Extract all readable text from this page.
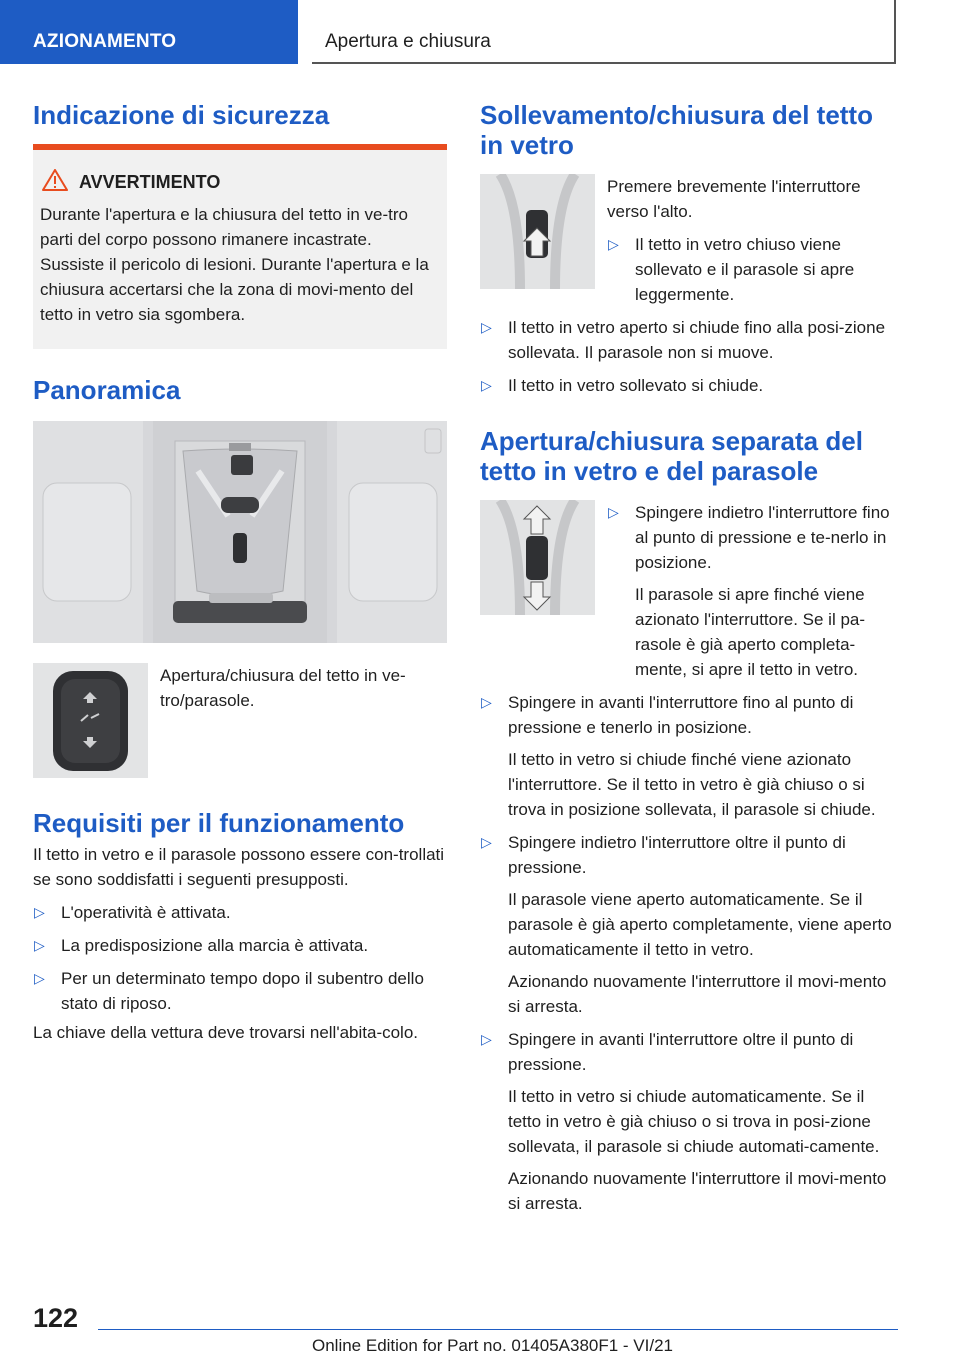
AZIONAMENTO	Apertura e chiusura
Indicazione di sicurezza
AVVERTIMENTO
Durante l'apertura e la chiusura del tetto in ve-tro parti del corpo possono rimanere incastrate. Sussiste il pericolo di lesioni. Durante l'apertura e la chiusura accertarsi che la zona di movi-mento del tetto in vetro sia sgombera.
Panoramica
Apertura/chiusura del tetto in ve-tro/parasole.
Requisiti per il funzionamento

Il tetto in vetro e il parasole possono essere con-trollati se sono soddisfatti i seguenti presupposti.

▷ L'operatività è attivata.
▷ La predisposizione alla marcia è attivata.
▷ Per un determinato tempo dopo il subentro dello stato di riposo.

La chiave della vettura deve trovarsi nell'abita-colo.

Sollevamento/chiusura del tetto in vetro

Premere brevemente l'interruttore verso l'alto.

▷ Il tetto in vetro chiuso viene sollevato e il parasole si apre leggermente.
▷ Il tetto in vetro aperto si chiude fino alla posi-zione sollevata. Il parasole non si muove.
▷ Il tetto in vetro sollevato si chiude.
Apertura/chiusura separata del tetto in vetro e del parasole
▷ Spingere indietro l'interruttore fino al punto di pressione e te-nerlo in posizione.

Il parasole si apre finché viene azionato l'interruttore. Se il pa-rasole è già aperto completa-mente, si apre il tetto in vetro.

▷ Spingere in avanti l'interruttore fino al punto di pressione e tenerlo in posizione.

Il tetto in vetro si chiude finché viene azionato l'interruttore. Se il tetto in vetro è già chiuso o si trova in posizione sollevata, il parasole si chiude.

▷ Spingere indietro l'interruttore oltre il punto di pressione.

Il parasole viene aperto automaticamente. Se il parasole è già aperto completamente, viene aperto automaticamente il tetto in vetro.

Azionando nuovamente l'interruttore il movi-mento si arresta.

▷ Spingere in avanti l'interruttore oltre il punto di pressione.

Il tetto in vetro si chiude automaticamente. Se il tetto in vetro è già chiuso o si trova in posi-zione sollevata, il parasole si chiude automati-camente.

Azionando nuovamente l'interruttore il movi-mento si arresta.

122
Online Edition for Part no. 01405A380F1 - VI/21
